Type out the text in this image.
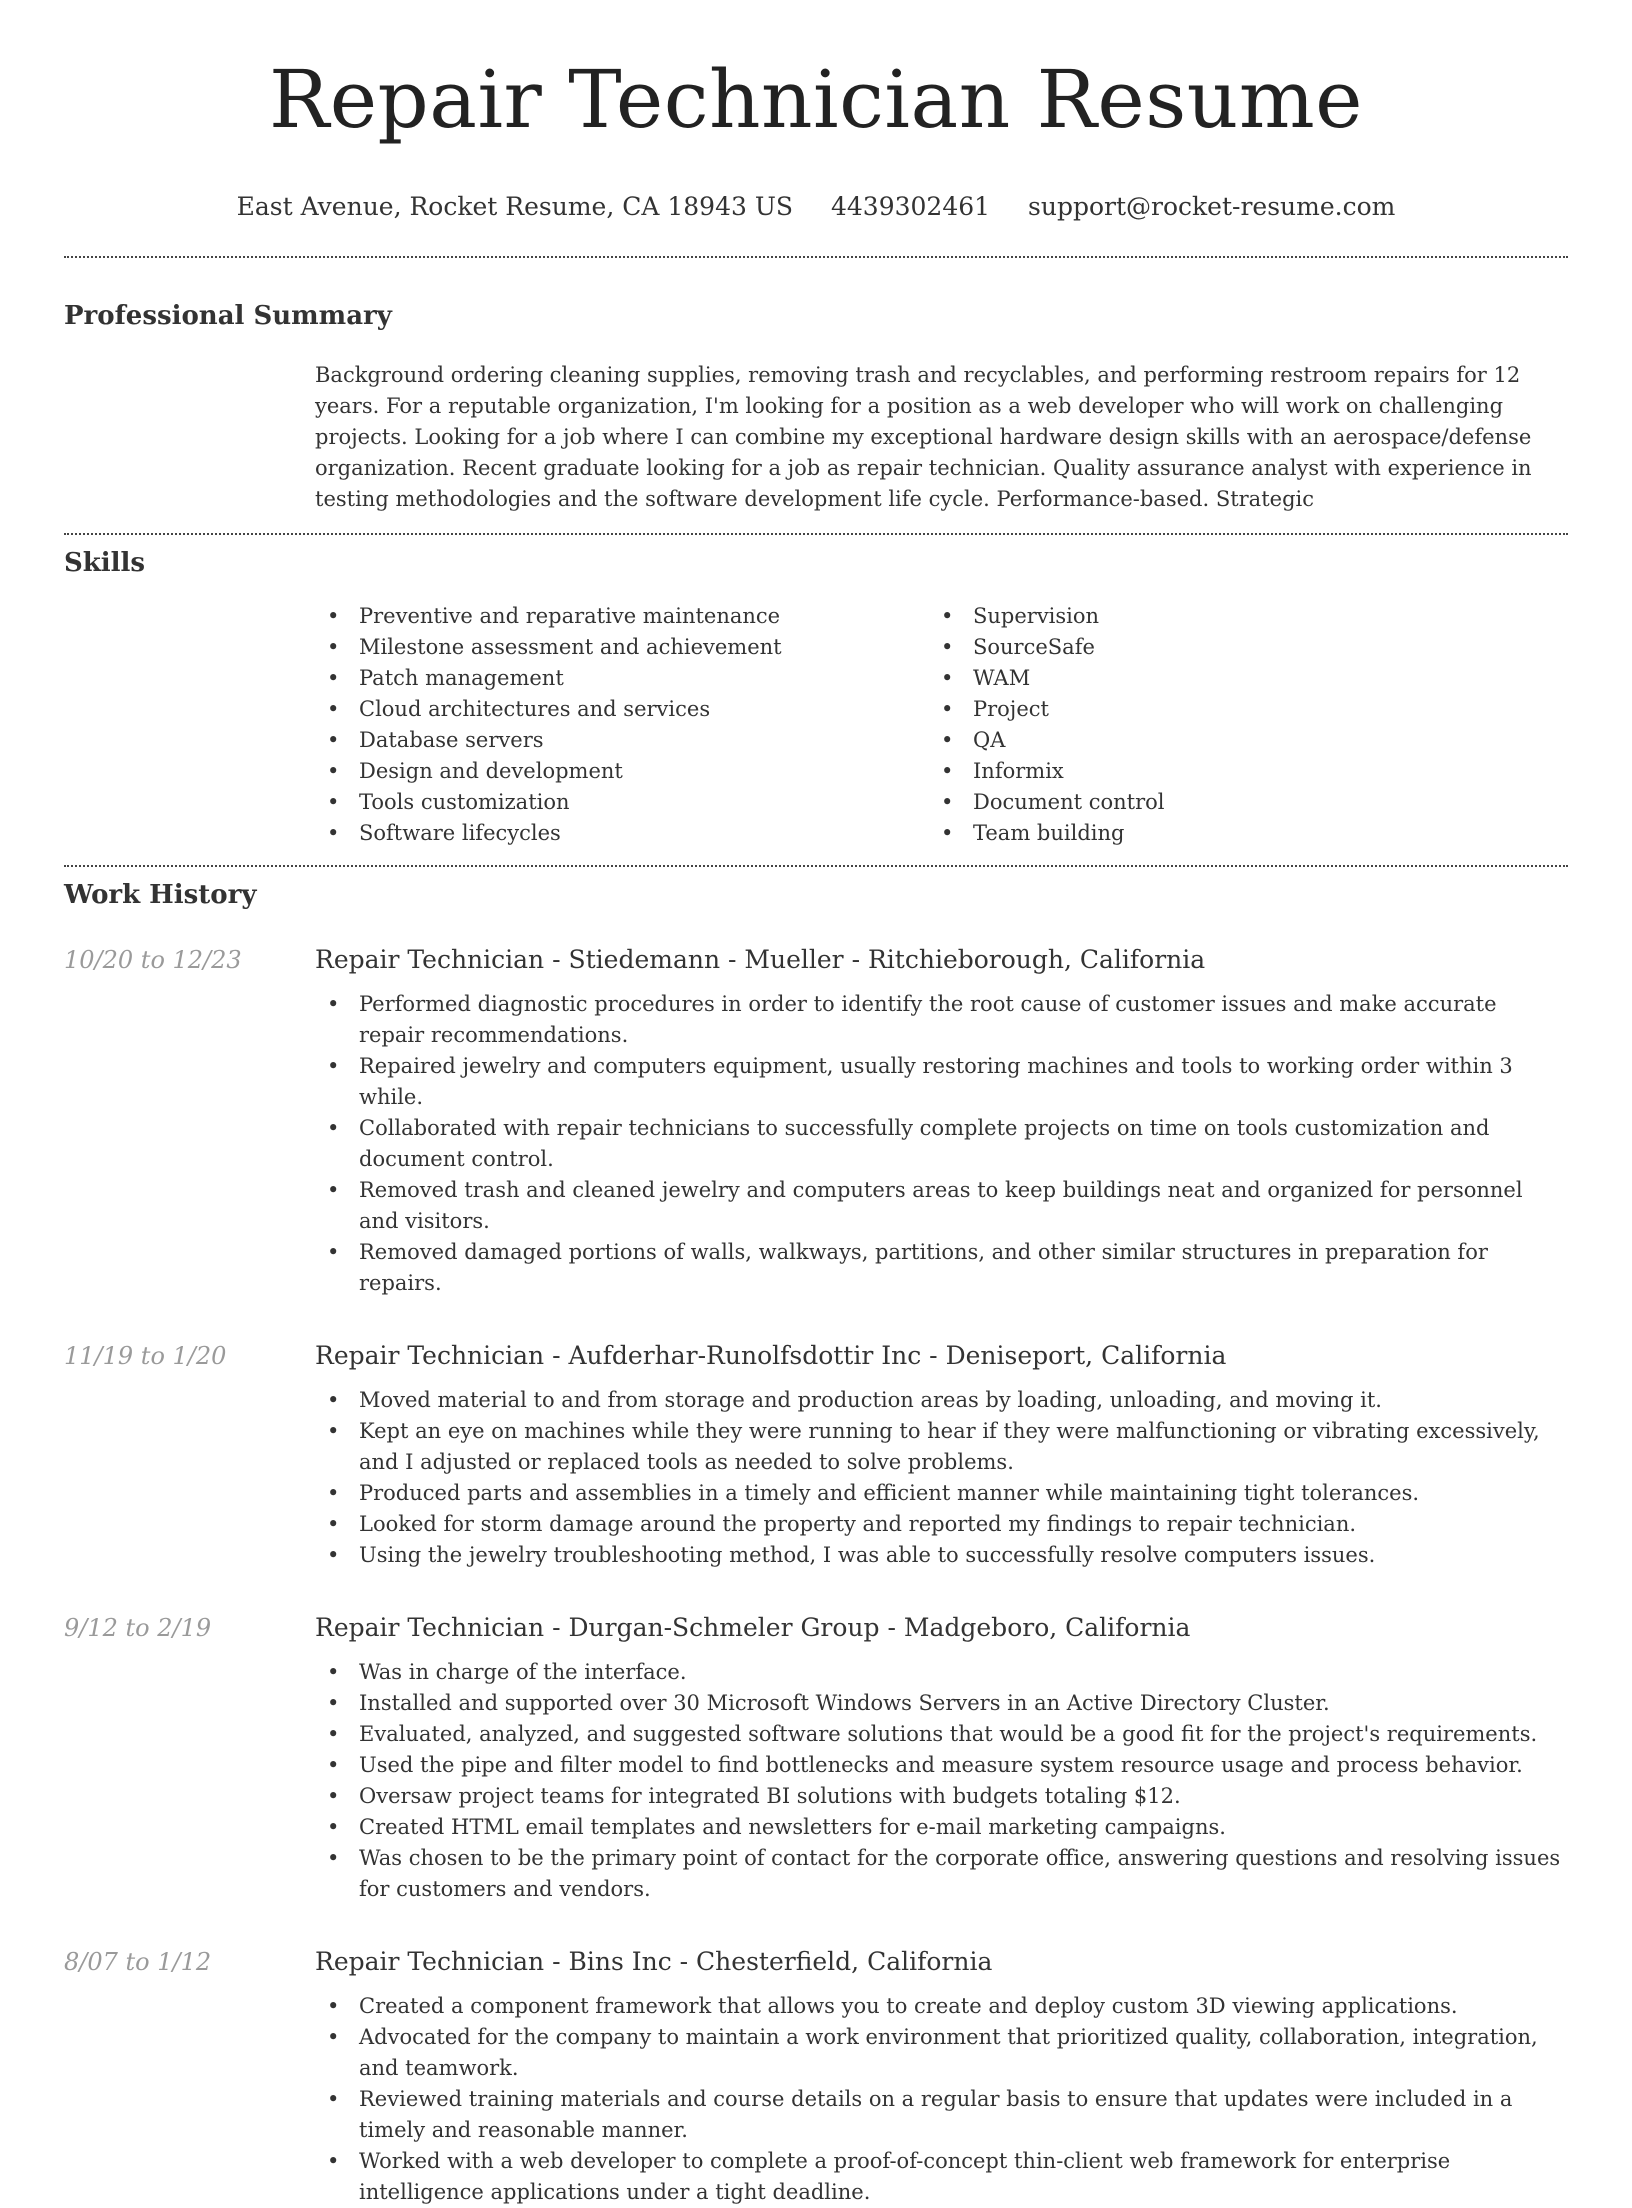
Repair Technician Resume
East Avenue, Rocket Resume, CA 18943 US 4439302461 support@rocket-resume.com
Professional Summary

Background ordering cleaning supplies, removing trash and recyclables, and performing restroom repairs for 12 years. For a reputable organization, I'm looking for a position as a web developer who will work on challenging projects. Looking for a job where I can combine my exceptional hardware design skills with an aerospace/defense organization. Recent graduate looking for a job as repair technician. Quality assurance analyst with experience in testing methodologies and the software development life cycle. Performance-based. Strategic

Skills
• Preventive and reparative maintenance
• Milestone assessment and achievement
• Patch management
• Cloud architectures and services
• Database servers
• Design and development
• Tools customization
• Software lifecycles
• Supervision
• SourceSafe
• WAM
• Project
• QA
• Informix
• Document control
• Team building
Work History
10/20 to 12/23	Repair Technician - Stiedemann - Mueller - Ritchieborough, California
• Performed diagnostic procedures in order to identify the root cause of customer issues and make accurate repair recommendations.
• Repaired jewelry and computers equipment, usually restoring machines and tools to working order within 3 while.
• Collaborated with repair technicians to successfully complete projects on time on tools customization and document control.
• Removed trash and cleaned jewelry and computers areas to keep buildings neat and organized for personnel and visitors.
• Removed damaged portions of walls, walkways, partitions, and other similar structures in preparation for repairs.
11/19 to 1/20	Repair Technician - Aufderhar-Runolfsdottir Inc - Deniseport, California
• Moved material to and from storage and production areas by loading, unloading, and moving it.
• Kept an eye on machines while they were running to hear if they were malfunctioning or vibrating excessively, and I adjusted or replaced tools as needed to solve problems.
• Produced parts and assemblies in a timely and efficient manner while maintaining tight tolerances.
• Looked for storm damage around the property and reported my findings to repair technician.
• Using the jewelry troubleshooting method, I was able to successfully resolve computers issues.
9/12 to 2/19	Repair Technician - Durgan-Schmeler Group - Madgeboro, California
• Was in charge of the interface.
• Installed and supported over 30 Microsoft Windows Servers in an Active Directory Cluster.
• Evaluated, analyzed, and suggested software solutions that would be a good fit for the project's requirements.
• Used the pipe and filter model to find bottlenecks and measure system resource usage and process behavior.
• Oversaw project teams for integrated BI solutions with budgets totaling $12.
• Created HTML email templates and newsletters for e-mail marketing campaigns.
• Was chosen to be the primary point of contact for the corporate office, answering questions and resolving issues for customers and vendors.
8/07 to 1/12	Repair Technician - Bins Inc - Chesterfield, California
• Created a component framework that allows you to create and deploy custom 3D viewing applications.
• Advocated for the company to maintain a work environment that prioritized quality, collaboration, integration, and teamwork.
• Reviewed training materials and course details on a regular basis to ensure that updates were included in a timely and reasonable manner.
• Worked with a web developer to complete a proof-of-concept thin-client web framework for enterprise intelligence applications under a tight deadline.
